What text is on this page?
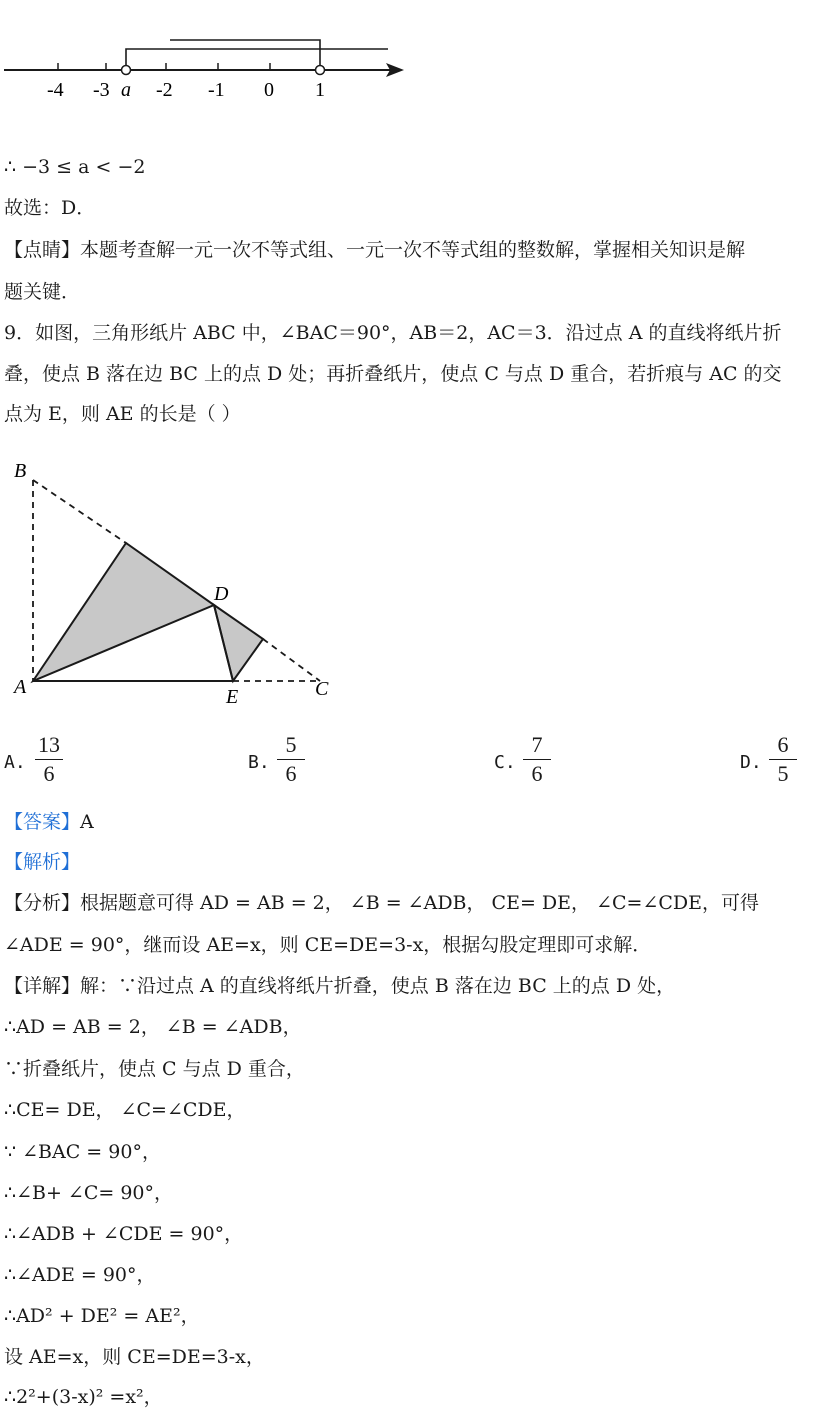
-4 -3 a -2 -1 0 1
∴ −3 ≤ a < −2
故选：D．
【点睛】本题考查解一元一次不等式组、一元一次不等式组的整数解，掌握相关知识是解
题关键．
9．如图，三角形纸片 ABC 中，∠BAC＝90°，AB＝2，AC＝3．沿过点 A 的直线将纸片折
叠，使点 B 落在边 BC 上的点 D 处；再折叠纸片，使点 C 与点 D 重合，若折痕与 AC 的交
点为 E，则 AE 的长是（ ）
B
D
A	E	C
A.
13
6	B.
5
6	C.
7
6	D.
6
5
【答案】A
【解析】
【分析】根据题意可得 AD = AB = 2， ∠B = ∠ADB， CE= DE， ∠C=∠CDE，可得
∠ADE = 90°，继而设 AE=x，则 CE=DE=3-x，根据勾股定理即可求解．
【详解】解：∵沿过点 A 的直线将纸片折叠，使点 B 落在边 BC 上的点 D 处，
∴AD = AB = 2， ∠B = ∠ADB，
∵折叠纸片，使点 C 与点 D 重合，
∴CE= DE， ∠C=∠CDE，
∵ ∠BAC = 90°，
∴∠B+ ∠C= 90°，
∴∠ADB + ∠CDE = 90°，
∴∠ADE = 90°，
∴AD² + DE² = AE²，
设 AE=x，则 CE=DE=3-x，
∴2²+(3-x)² =x²，
